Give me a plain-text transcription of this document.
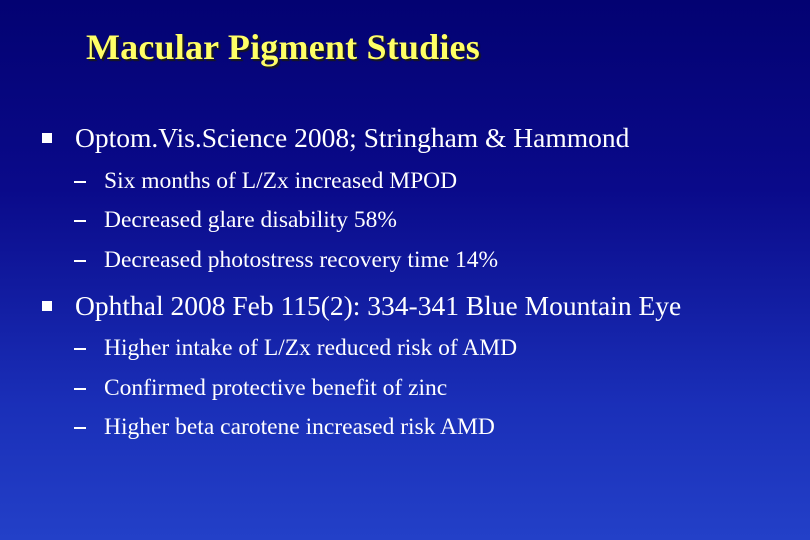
Macular Pigment Studies
Optom.Vis.Science 2008; Stringham & Hammond
Six months of L/Zx increased MPOD
Decreased glare disability 58%
Decreased photostress recovery time 14%
Ophthal 2008 Feb 115(2): 334-341 Blue Mountain Eye
Higher intake of L/Zx reduced risk of AMD
Confirmed protective benefit of zinc
Higher beta carotene increased risk AMD
